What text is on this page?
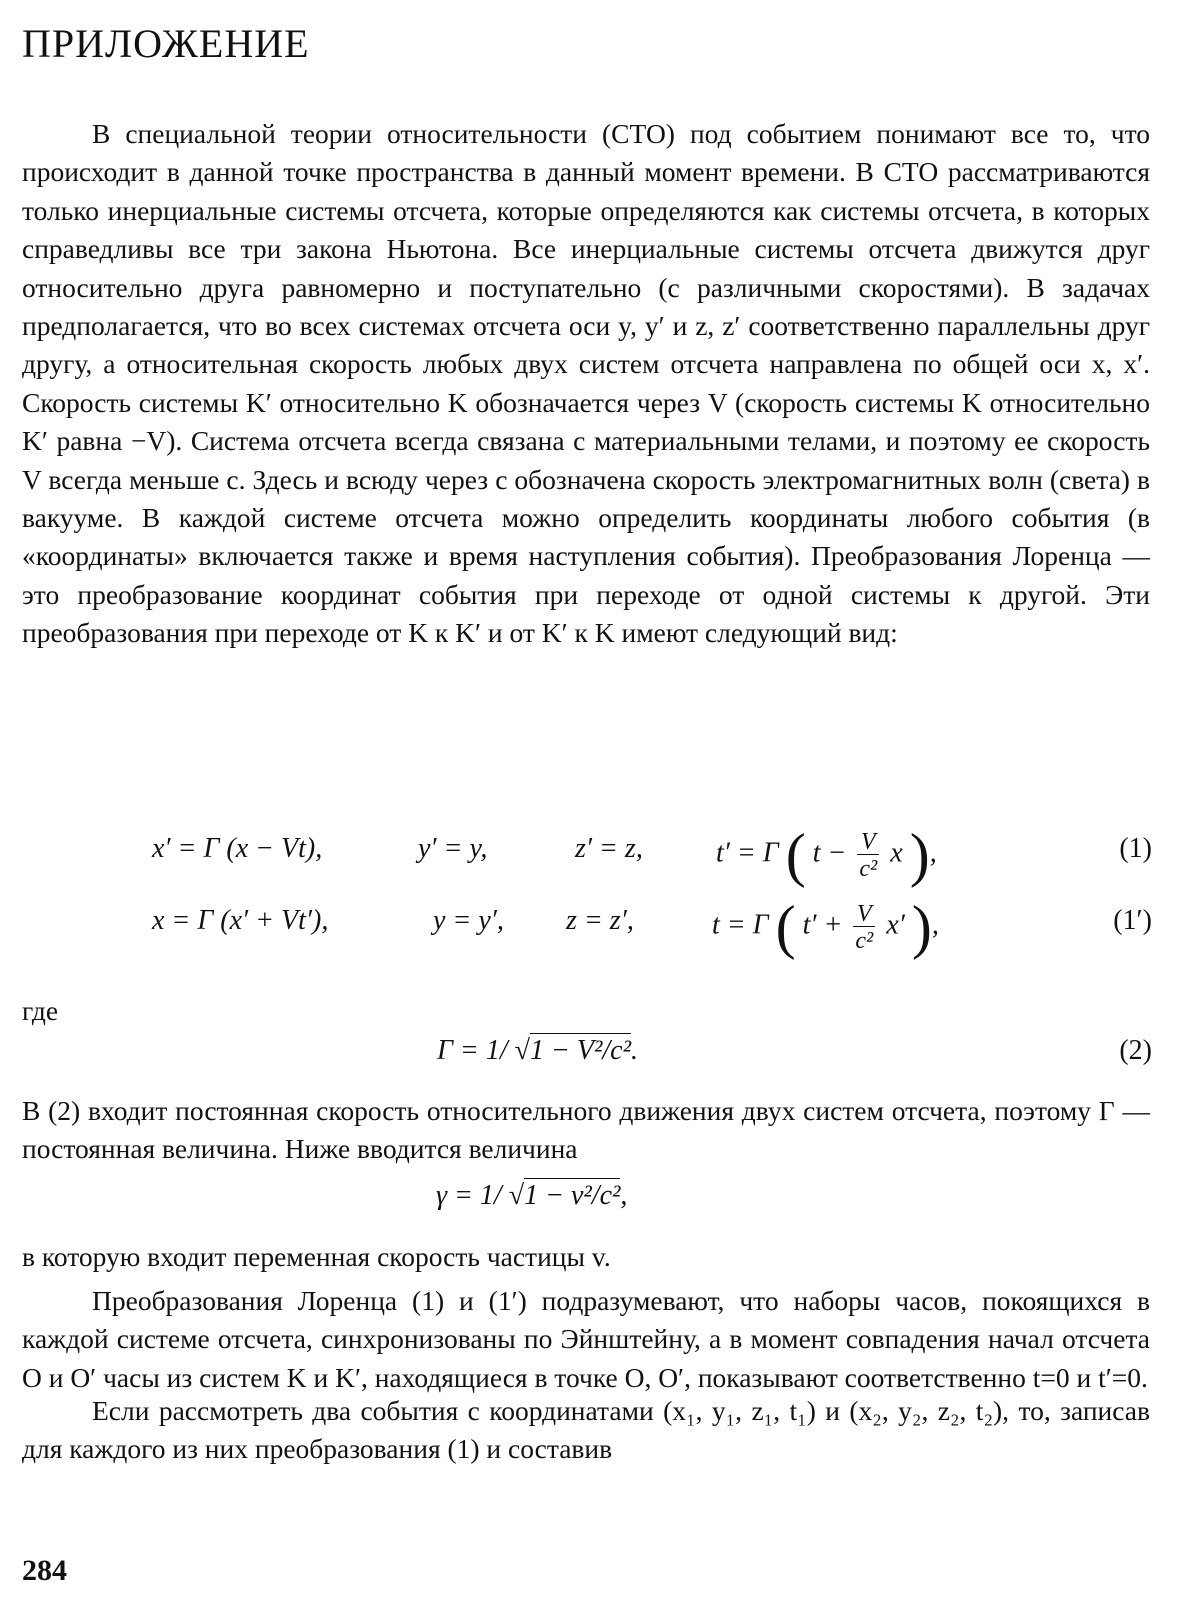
ПРИЛОЖЕНИЕ

В специальной теории относительности (СТО) под событием понимают все то, что происходит в данной точке пространства в данный момент времени. В СТО рассматриваются только инерциальные системы отсчета, которые определяются как системы отсчета, в которых справедливы все три закона Ньютона. Все инерциальные системы отсчета движутся друг относительно друга равномерно и поступательно (с различными скоростями). В задачах предполагается, что во всех системах отсчета оси y, y′ и z, z′ соответственно параллельны друг другу, а относительная скорость любых двух систем отсчета направлена по общей оси x, x′. Скорость системы K′ относительно K обозначается через V (скорость системы K относительно K′ равна −V). Система отсчета всегда связана с материальными телами, и поэтому ее скорость V всегда меньше c. Здесь и всюду через c обозначена скорость электромагнитных волн (света) в вакууме. В каждой системе отсчета можно определить координаты любого события (в «координаты» включается также и время наступления события). Преобразования Лоренца — это преобразование координат события при переходе от одной системы к другой. Эти преобразования при переходе от K к K′ и от K′ к K имеют следующий вид:

x′ = Γ (x − Vt),	y′ = y,	z′ = z,	t′ = Γ ( $t - \frac{V}{\text{c²}}$ x ),	(1)
x = Γ (x′ + Vt′),	y = y′, z = z′,	t = Γ ( $t' + \frac{V}{\text{c²}} x'$ ),	(1′)
где
Γ = 1/ √1 − V²/c².	(2)

В (2) входит постоянная скорость относительного движения двух систем отсчета, поэтому Γ — постоянная величина. Ниже вводится величина

γ = 1/ √1 − v²/c²,

в которую входит переменная скорость частицы v.

Преобразования Лоренца (1) и (1′) подразумевают, что наборы часов, покоящихся в каждой системе отсчета, синхронизованы по Эйнштейну, а в момент совпадения начал отсчета O и O′ часы из систем K и K′, находящиеся в точке O, O′, показывают соответственно t=0 и t′=0.

Если рассмотреть два события с координатами (x₁, y₁, z₁, t₁) и (x₂, y₂, z₂, t₂), то, записав для каждого из них преобразования (1) и составив

284
